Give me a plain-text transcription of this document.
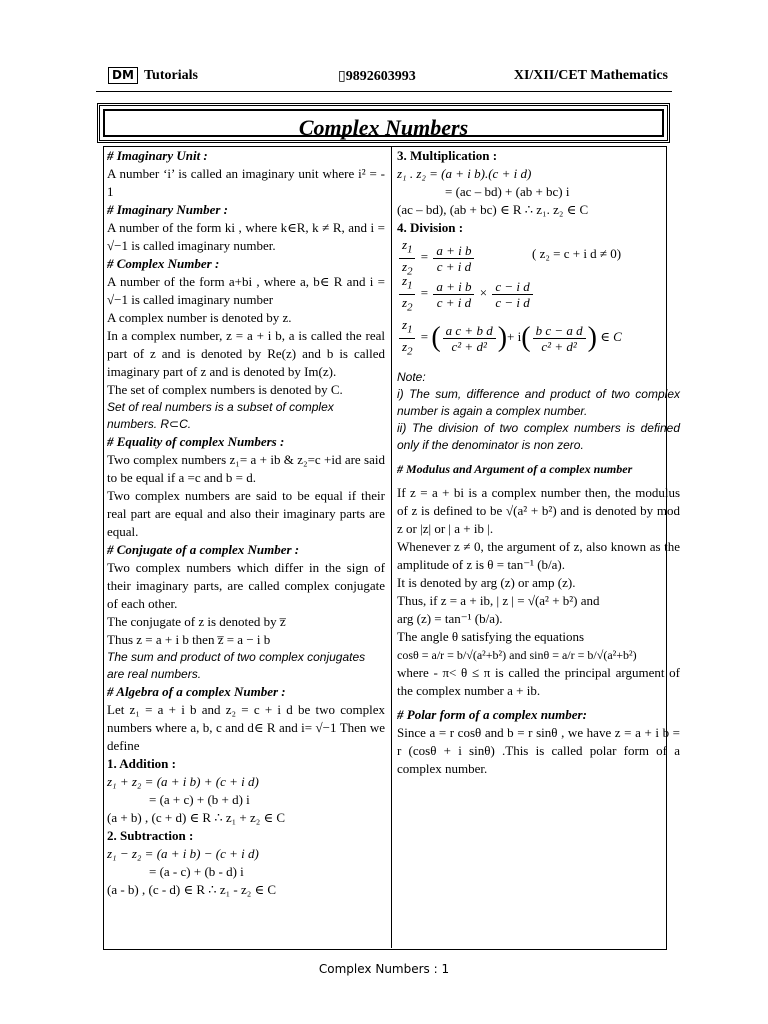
DM Tutorials	▯9892603993	XI/XII/CET Mathematics
Complex Numbers

# Imaginary Unit :

A number ‘i’ is called an imaginary unit where i² = - 1

# Imaginary Number :

A number of the form ki , where k∈R, k ≠ R, and i = √−1 is called imaginary number.

# Complex Number :

A number of the form a+bi , where a, b∈ R and i = √−1 is called imaginary number

A complex number is denoted by z.

In a complex number, z = a + i b, a is called the real part of z and is denoted by Re(z) and b is called imaginary part of z and is denoted by Im(z).

The set of complex numbers is denoted by C.

Set of real numbers is a subset of complex numbers. R⊂C.

# Equality of complex Numbers :

Two complex numbers z₁= a + ib & z₂=c +id are said to be equal if a =c and b = d.

Two complex numbers are said to be equal if their real part are equal and also their imaginary parts are equal.

# Conjugate of a complex Number :

Two complex numbers which differ in the sign of their imaginary parts, are called complex conjugate of each other.

The conjugate of z is denoted by z̅

Thus z = a + i b then z̅ = a − i b

The sum and product of two complex conjugates are real numbers.

# Algebra of a complex Number :

Let z₁ = a + i b and z₂ = c + i d be two complex numbers where a, b, c and d∈ R and i= √−1 Then we define

1. Addition :

z₁ + z₂ = (a + i b) + (c + i d)

= (a + c) + (b + d) i

(a + b) , (c + d) ∈ R ∴ z₁ + z₂ ∈ C

2. Subtraction :

z₁ − z₂ = (a + i b) − (c + i d)

= (a - c) + (b - d) i

(a - b) , (c - d) ∈ R ∴ z₁ - z₂ ∈ C

3. Multiplication :

z₁ . z₂ = (a + i b).(c + i d)

= (ac – bd) + (ab + bc) i

(ac – bd), (ab + bc) ∈ R ∴ z₁. z₂ ∈ C

4. Division :

$\frac{z_1}{z_2} = \frac{\text{a + i b}}{\text{c + i d}}$	( z₂ = c + i d ≠ 0)
$\frac{z_1}{z_2} = \frac{\text{a + i b}}{\text{c + i d}} \times \frac{\text{c − i d}}{\text{c − i d}}$
$\frac{z_1}{z_2}$ = ( $\frac{\text{a c + b d}}{\text{c² + d²}}$ )+ $i( \frac{\text{b c − a d}}{\text{c² + d²}}$ ) ∈ C

Note:

i) The sum, difference and product of two complex number is again a complex number.

ii) The division of two complex numbers is defined only if the denominator is non zero.

# Modulus and Argument of a complex number

If z = a + bi is a complex number then, the modulus of z is defined to be √(a² + b²) and is denoted by mod z or |z| or | a + ib |.

Whenever z ≠ 0, the argument of z, also known as the amplitude of z is θ = tan⁻¹ (b/a).

It is denoted by arg (z) or amp (z).

Thus, if z = a + ib, | z | = √(a² + b²) and

arg (z) = tan⁻¹ (b/a).

The angle θ satisfying the equations

cosθ = a/r = b/√(a²+b²) and sinθ = a/r = b/√(a²+b²)

where - π< θ ≤ π is called the principal argument of the complex number a + ib.

# Polar form of a complex number:

Since a = r cosθ and b = r sinθ , we have z = a + i b = r (cosθ + i sinθ) .This is called polar form of a complex number.

Complex Numbers : 1
